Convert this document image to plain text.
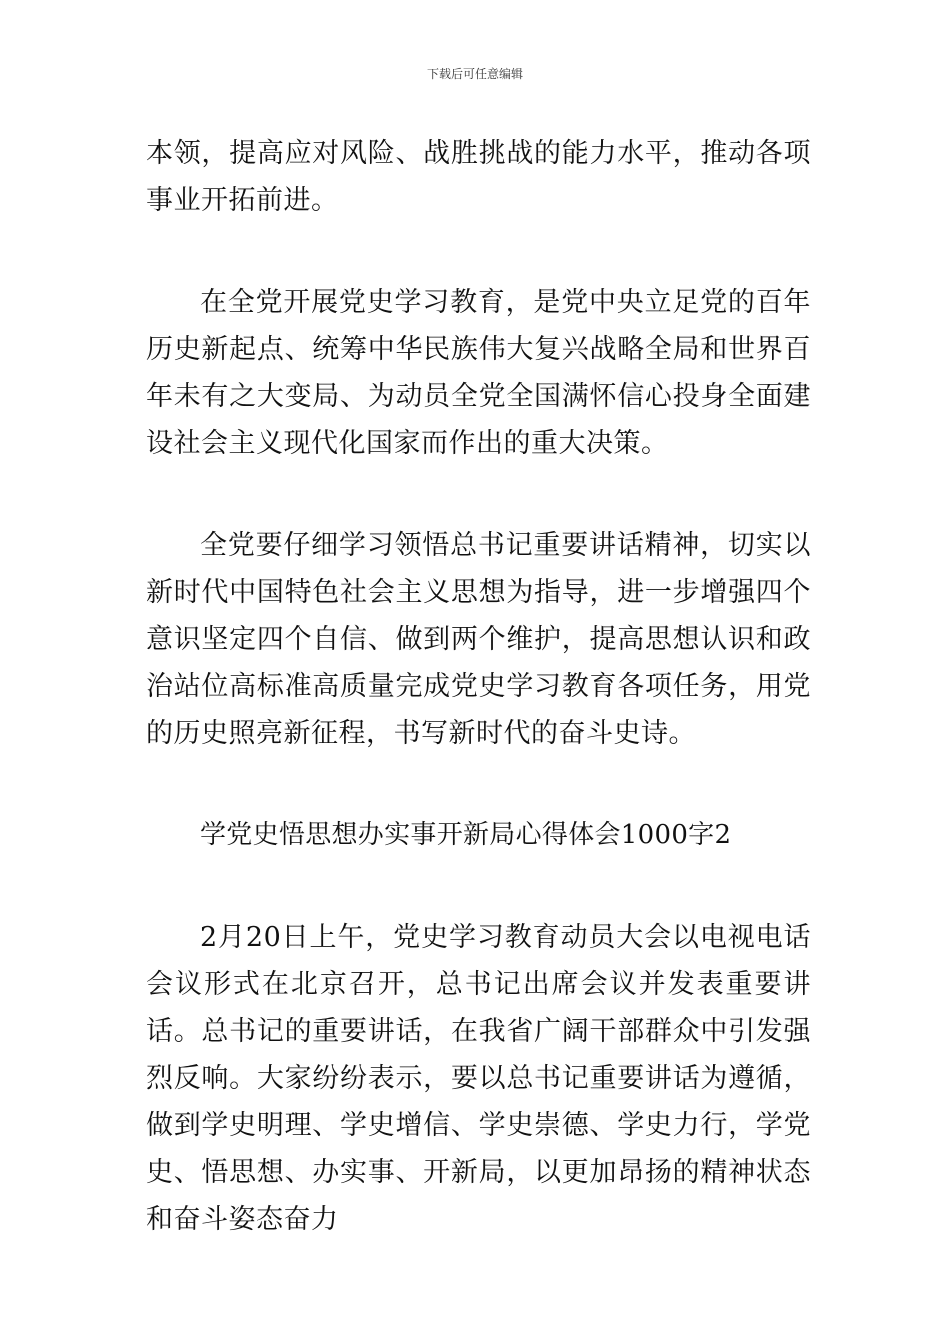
下载后可任意编辑

本领，提高应对风险、战胜挑战的能力水平，推动各项事业开拓前进。

在全党开展党史学习教育，是党中央立足党的百年历史新起点、统筹中华民族伟大复兴战略全局和世界百年未有之大变局、为动员全党全国满怀信心投身全面建设社会主义现代化国家而作出的重大决策。

全党要仔细学习领悟总书记重要讲话精神，切实以新时代中国特色社会主义思想为指导，进一步增强四个意识坚定四个自信、做到两个维护，提高思想认识和政治站位高标准高质量完成党史学习教育各项任务，用党的历史照亮新征程，书写新时代的奋斗史诗。

学党史悟思想办实事开新局心得体会1000字2

2月20日上午，党史学习教育动员大会以电视电话会议形式在北京召开，总书记出席会议并发表重要讲话。总书记的重要讲话，在我省广阔干部群众中引发强烈反响。大家纷纷表示，要以总书记重要讲话为遵循，做到学史明理、学史增信、学史崇德、学史力行，学党史、悟思想、办实事、开新局，以更加昂扬的精神状态和奋斗姿态奋力
